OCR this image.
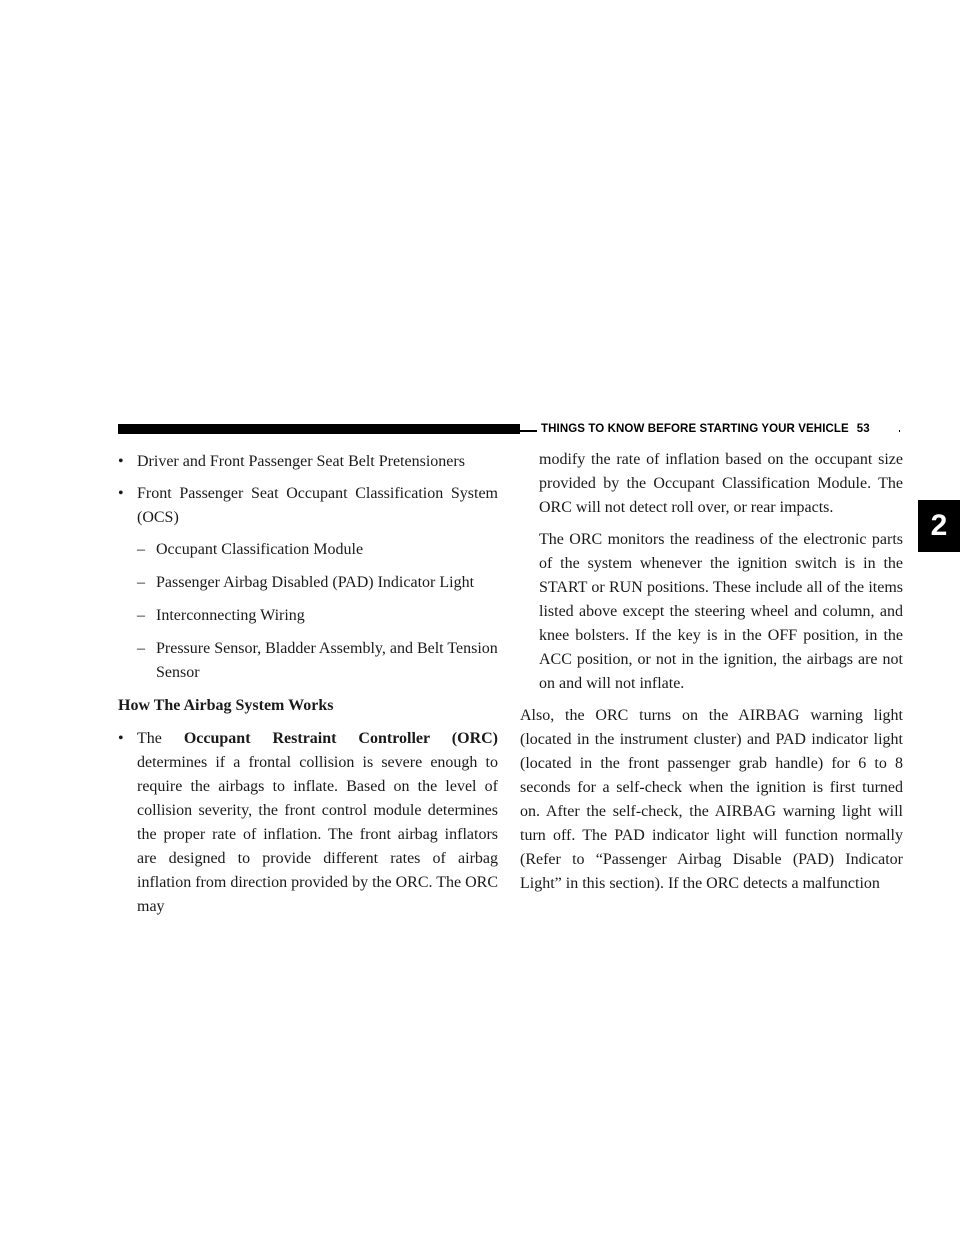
THINGS TO KNOW BEFORE STARTING YOUR VEHICLE 53
2
• Driver and Front Passenger Seat Belt Pretensioners
• Front Passenger Seat Occupant Classification System (OCS)
– Occupant Classification Module
– Passenger Airbag Disabled (PAD) Indicator Light
– Interconnecting Wiring
– Pressure Sensor, Bladder Assembly, and Belt Tension Sensor
How The Airbag System Works
• The Occupant Restraint Controller (ORC) determines if a frontal collision is severe enough to require the airbags to inflate. Based on the level of collision severity, the front control module determines the proper rate of inflation. The front airbag inflators are designed to provide different rates of airbag inflation from direction provided by the ORC. The ORC may
modify the rate of inflation based on the occupant size provided by the Occupant Classification Module. The ORC will not detect roll over, or rear impacts.
The ORC monitors the readiness of the electronic parts of the system whenever the ignition switch is in the START or RUN positions. These include all of the items listed above except the steering wheel and column, and knee bolsters. If the key is in the OFF position, in the ACC position, or not in the ignition, the airbags are not on and will not inflate.
Also, the ORC turns on the AIRBAG warning light (located in the instrument cluster) and PAD indicator light (located in the front passenger grab handle) for 6 to 8 seconds for a self-check when the ignition is first turned on. After the self-check, the AIRBAG warning light will turn off. The PAD indicator light will function normally (Refer to “Passenger Airbag Disable (PAD) Indicator Light” in this section). If the ORC detects a malfunction
